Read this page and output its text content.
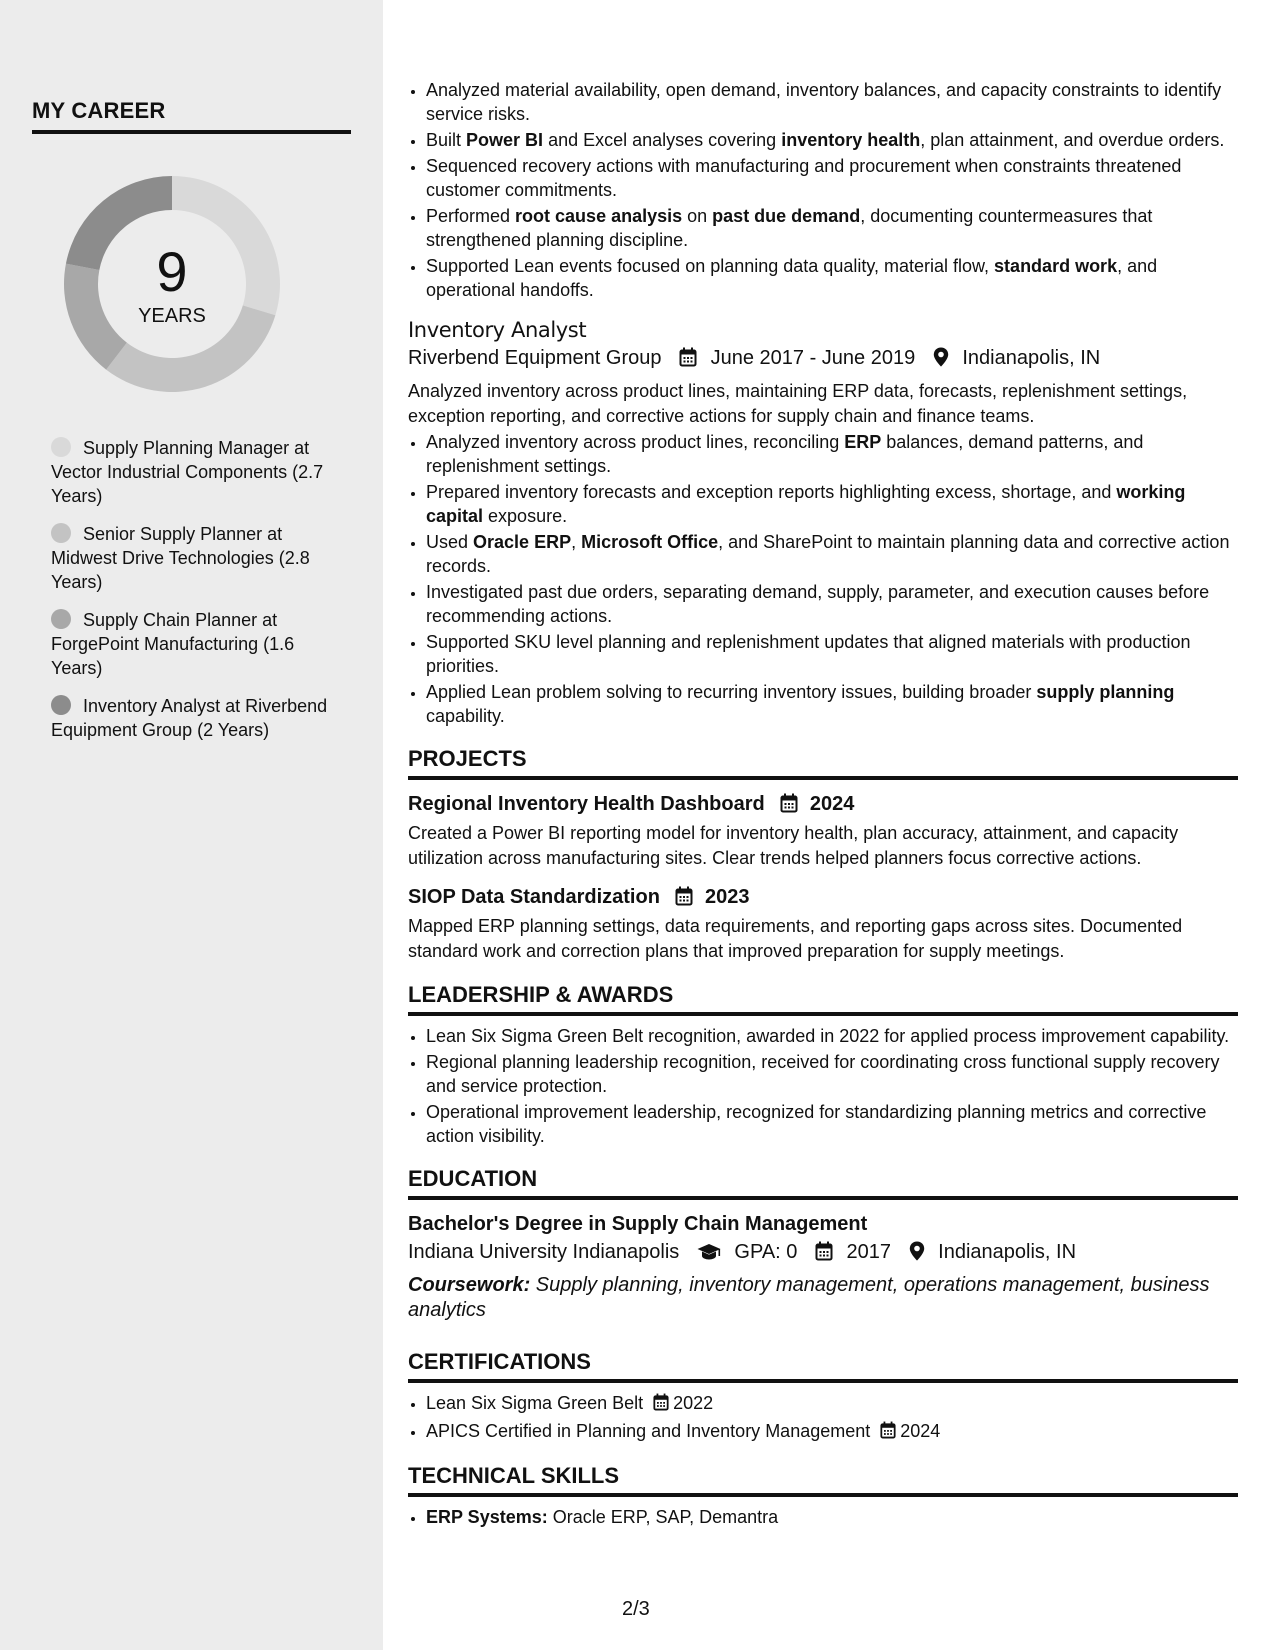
MY CAREER
9
YEARS
Supply Planning Manager at Vector Industrial Components (2.7 Years)
Senior Supply Planner at Midwest Drive Technologies (2.8 Years)
Supply Chain Planner at ForgePoint Manufacturing (1.6 Years)
Inventory Analyst at Riverbend Equipment Group (2 Years)
• Analyzed material availability, open demand, inventory balances, and capacity constraints to identify service risks.
• Built Power BI and Excel analyses covering inventory health, plan attainment, and overdue orders.
• Sequenced recovery actions with manufacturing and procurement when constraints threatened customer commitments.
• Performed root cause analysis on past due demand, documenting countermeasures that strengthened planning discipline.
• Supported Lean events focused on planning data quality, material flow, standard work, and operational handoffs.
Inventory Analyst
Riverbend Equipment Group June 2017 - June 2019 Indianapolis, IN
Analyzed inventory across product lines, maintaining ERP data, forecasts, replenishment settings, exception reporting, and corrective actions for supply chain and finance teams.
• Analyzed inventory across product lines, reconciling ERP balances, demand patterns, and replenishment settings.
• Prepared inventory forecasts and exception reports highlighting excess, shortage, and working capital exposure.
• Used Oracle ERP, Microsoft Office, and SharePoint to maintain planning data and corrective action records.
• Investigated past due orders, separating demand, supply, parameter, and execution causes before recommending actions.
• Supported SKU level planning and replenishment updates that aligned materials with production priorities.
• Applied Lean problem solving to recurring inventory issues, building broader supply planning capability.
PROJECTS
Regional Inventory Health Dashboard 2024
Created a Power BI reporting model for inventory health, plan accuracy, attainment, and capacity utilization across manufacturing sites. Clear trends helped planners focus corrective actions.
SIOP Data Standardization 2023
Mapped ERP planning settings, data requirements, and reporting gaps across sites. Documented standard work and correction plans that improved preparation for supply meetings.
LEADERSHIP & AWARDS
• Lean Six Sigma Green Belt recognition, awarded in 2022 for applied process improvement capability.
• Regional planning leadership recognition, received for coordinating cross functional supply recovery and service protection.
• Operational improvement leadership, recognized for standardizing planning metrics and corrective action visibility.
EDUCATION
Bachelor's Degree in Supply Chain Management
Indiana University Indianapolis	GPA: 0 2017 Indianapolis, IN
Coursework: Supply planning, inventory management, operations management, business analytics
CERTIFICATIONS
• Lean Six Sigma Green Belt 2022
• APICS Certified in Planning and Inventory Management 2024
TECHNICAL SKILLS
• ERP Systems: Oracle ERP, SAP, Demantra
2/3
